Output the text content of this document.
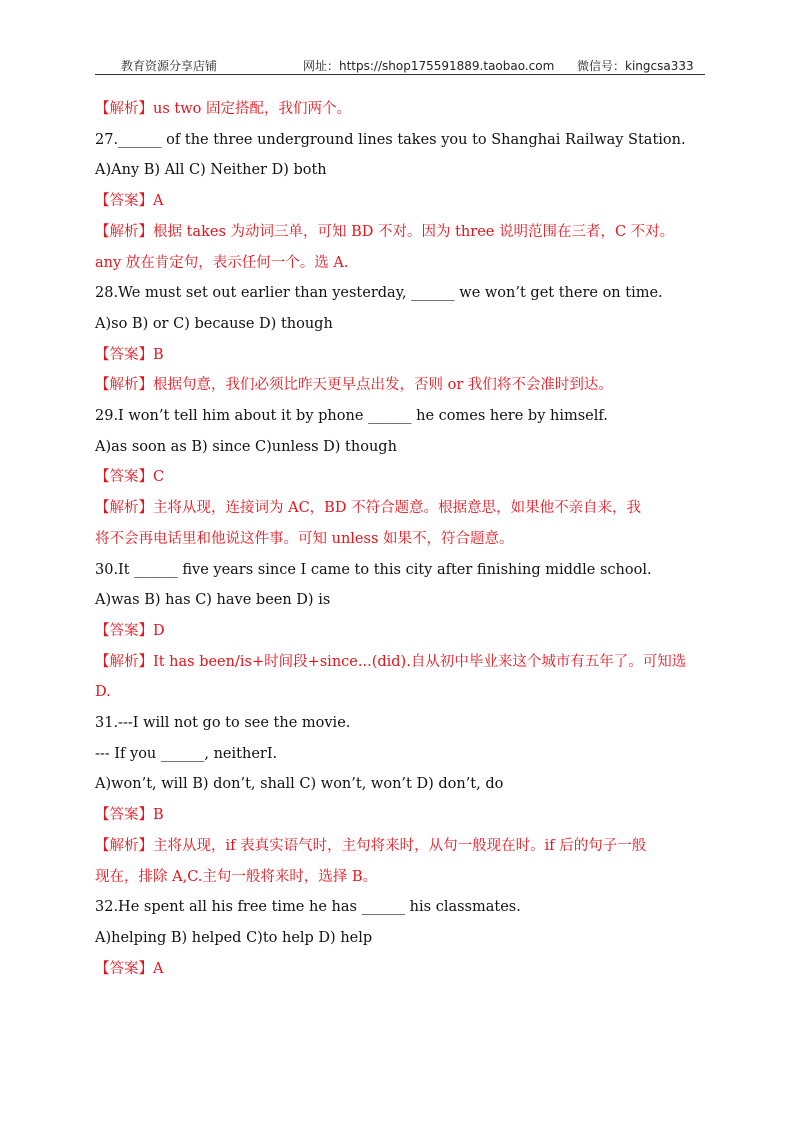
教育资源分享店铺	网址：https://shop175591889.taobao.com 微信号：kingcsa333
【解析】us two 固定搭配，我们两个。
27.______ of the three underground lines takes you to Shanghai Railway Station.
A)Any B) All C) Neither D) both
【答案】A
【解析】根据 takes 为动词三单，可知 BD 不对。因为 three 说明范围在三者，C 不对。
any 放在肯定句，表示任何一个。选 A.
28.We must set out earlier than yesterday, ______ we won’t get there on time.
A)so B) or C) because D) though
【答案】B
【解析】根据句意，我们必须比昨天更早点出发，否则 or 我们将不会准时到达。
29.I won’t tell him about it by phone ______ he comes here by himself.
A)as soon as B) since C)unless D) though
【答案】C
【解析】主将从现，连接词为 AC，BD 不符合题意。根据意思，如果他不亲自来，我
将不会再电话里和他说这件事。可知 unless 如果不，符合题意。
30.It ______ five years since I came to this city after finishing middle school.
A)was B) has C) have been D) is
【答案】D
【解析】It has been/is+时间段+since...(did).自从初中毕业来这个城市有五年了。可知选
D.
31.---I will not go to see the movie.
--- If you ______, neitherI.
A)won’t, will B) don’t, shall C) won’t, won’t D) don’t, do
【答案】B
【解析】主将从现，if 表真实语气时，主句将来时，从句一般现在时。if 后的句子一般
现在，排除 A,C.主句一般将来时，选择 B。
32.He spent all his free time he has ______ his classmates.
A)helping B) helped C)to help D) help
【答案】A
